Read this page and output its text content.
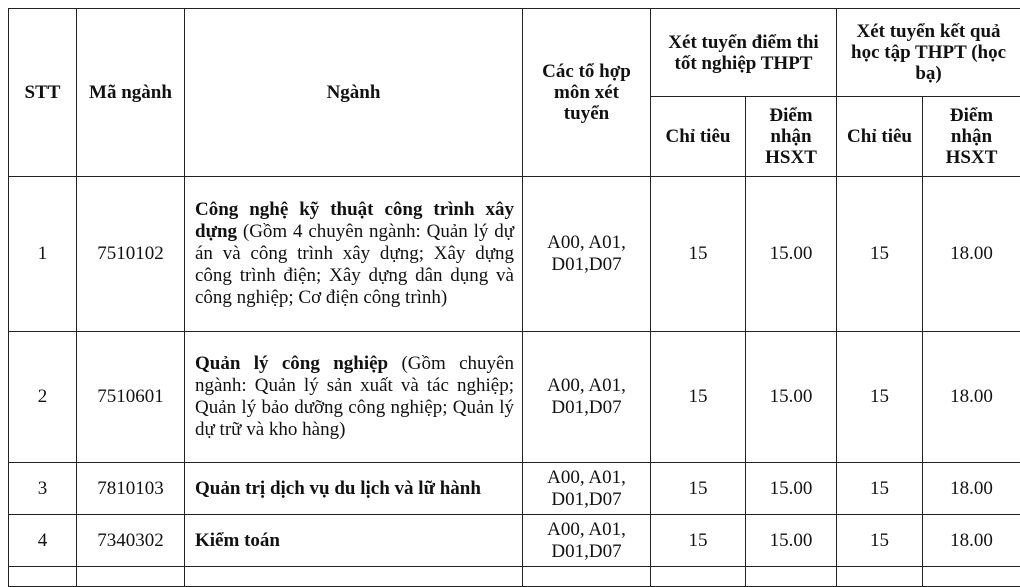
STT	Mã ngành	Ngành	Các tổ hợp môn xét tuyển	Xét tuyển điểm thi tốt nghiệp THPT		Xét tuyển kết quả học tập THPT (học bạ)	
				Chỉ tiêu	Điểm nhận HSXT	Chỉ tiêu	Điểm nhận HSXT
1	7510102	Công nghệ kỹ thuật công trình xây dựng (Gồm 4 chuyên ngành: Quản lý dự án và công trình xây dựng; Xây dựng công trình điện; Xây dựng dân dụng và công nghiệp; Cơ điện công trình)	A00, A01, D01,D07	15	15.00	15	18.00
2	7510601	Quản lý công nghiệp (Gồm chuyên ngành: Quản lý sản xuất và tác nghiệp; Quản lý bảo dưỡng công nghiệp; Quản lý dự trữ và kho hàng)	A00, A01, D01,D07	15	15.00	15	18.00
3	7810103	Quản trị dịch vụ du lịch và lữ hành	A00, A01, D01,D07	15	15.00	15	18.00
4	7340302	Kiểm toán	A00, A01, D01,D07	15	15.00	15	18.00
